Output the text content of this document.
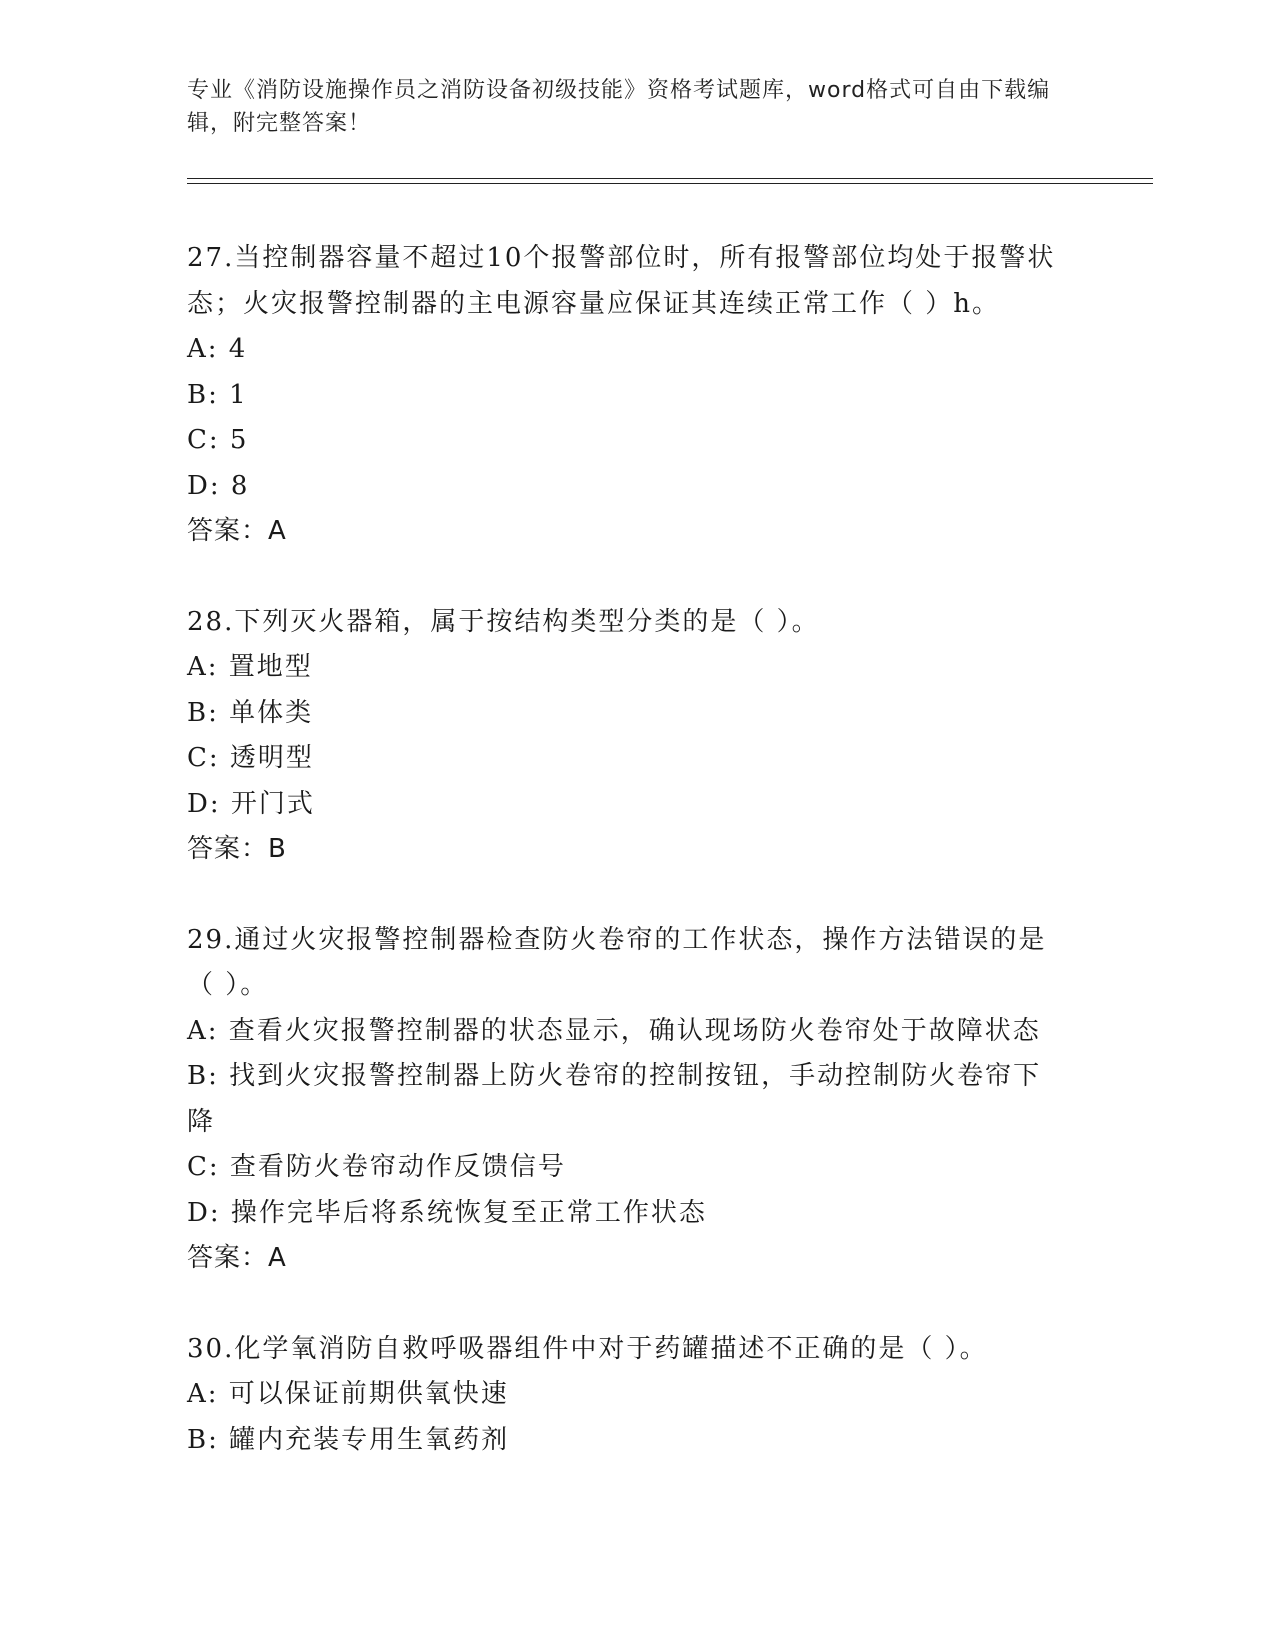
专业《消防设施操作员之消防设备初级技能》资格考试题库，word格式可自由下载编辑，附完整答案！
27.当控制器容量不超过10个报警部位时，所有报警部位均处于报警状态；火灾报警控制器的主电源容量应保证其连续正常工作（ ）h。
A: 4
B: 1
C: 5
D: 8
答案：A
28.下列灭火器箱，属于按结构类型分类的是（ ）。
A: 置地型
B: 单体类
C: 透明型
D: 开门式
答案：B
29.通过火灾报警控制器检查防火卷帘的工作状态，操作方法错误的是（ ）。
A: 查看火灾报警控制器的状态显示，确认现场防火卷帘处于故障状态
B: 找到火灾报警控制器上防火卷帘的控制按钮，手动控制防火卷帘下降
C: 查看防火卷帘动作反馈信号
D: 操作完毕后将系统恢复至正常工作状态
答案：A
30.化学氧消防自救呼吸器组件中对于药罐描述不正确的是（ ）。
A: 可以保证前期供氧快速
B: 罐内充装专用生氧药剂
